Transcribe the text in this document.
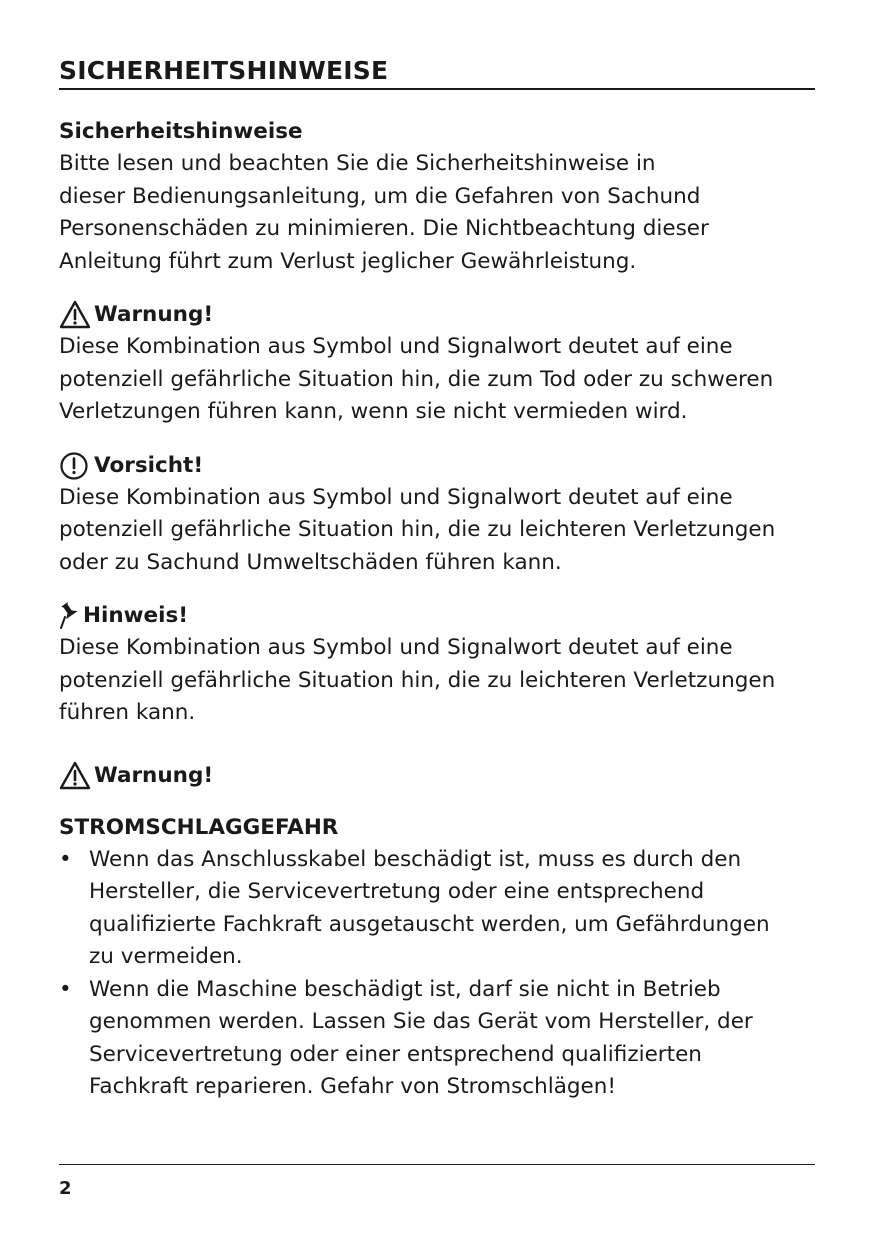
SICHERHEITSHINWEISE

Sicherheitshinweise

Bitte lesen und beachten Sie die Sicherheitshinweise in
dieser Bedienungsanleitung, um die Gefahren von Sachund
Personenschäden zu minimieren. Die Nichtbeachtung dieser
Anleitung führt zum Verlust jeglicher Gewährleistung.

Warnung!

Diese Kombination aus Symbol und Signalwort deutet auf eine
potenziell gefährliche Situation hin, die zum Tod oder zu schweren
Verletzungen führen kann, wenn sie nicht vermieden wird.

Vorsicht!

Diese Kombination aus Symbol und Signalwort deutet auf eine
potenziell gefährliche Situation hin, die zu leichteren Verletzungen
oder zu Sachund Umweltschäden führen kann.

Hinweis!

Diese Kombination aus Symbol und Signalwort deutet auf eine
potenziell gefährliche Situation hin, die zu leichteren Verletzungen
führen kann.

Warnung!

STROMSCHLAGGEFAHR

• Wenn das Anschlusskabel beschädigt ist, muss es durch den
Hersteller, die Servicevertretung oder eine entsprechend
qualifizierte Fachkraft ausgetauscht werden, um Gefährdungen
zu vermeiden.
• Wenn die Maschine beschädigt ist, darf sie nicht in Betrieb
genommen werden. Lassen Sie das Gerät vom Hersteller, der
Servicevertretung oder einer entsprechend qualifizierten
Fachkraft reparieren. Gefahr von Stromschlägen!
2
